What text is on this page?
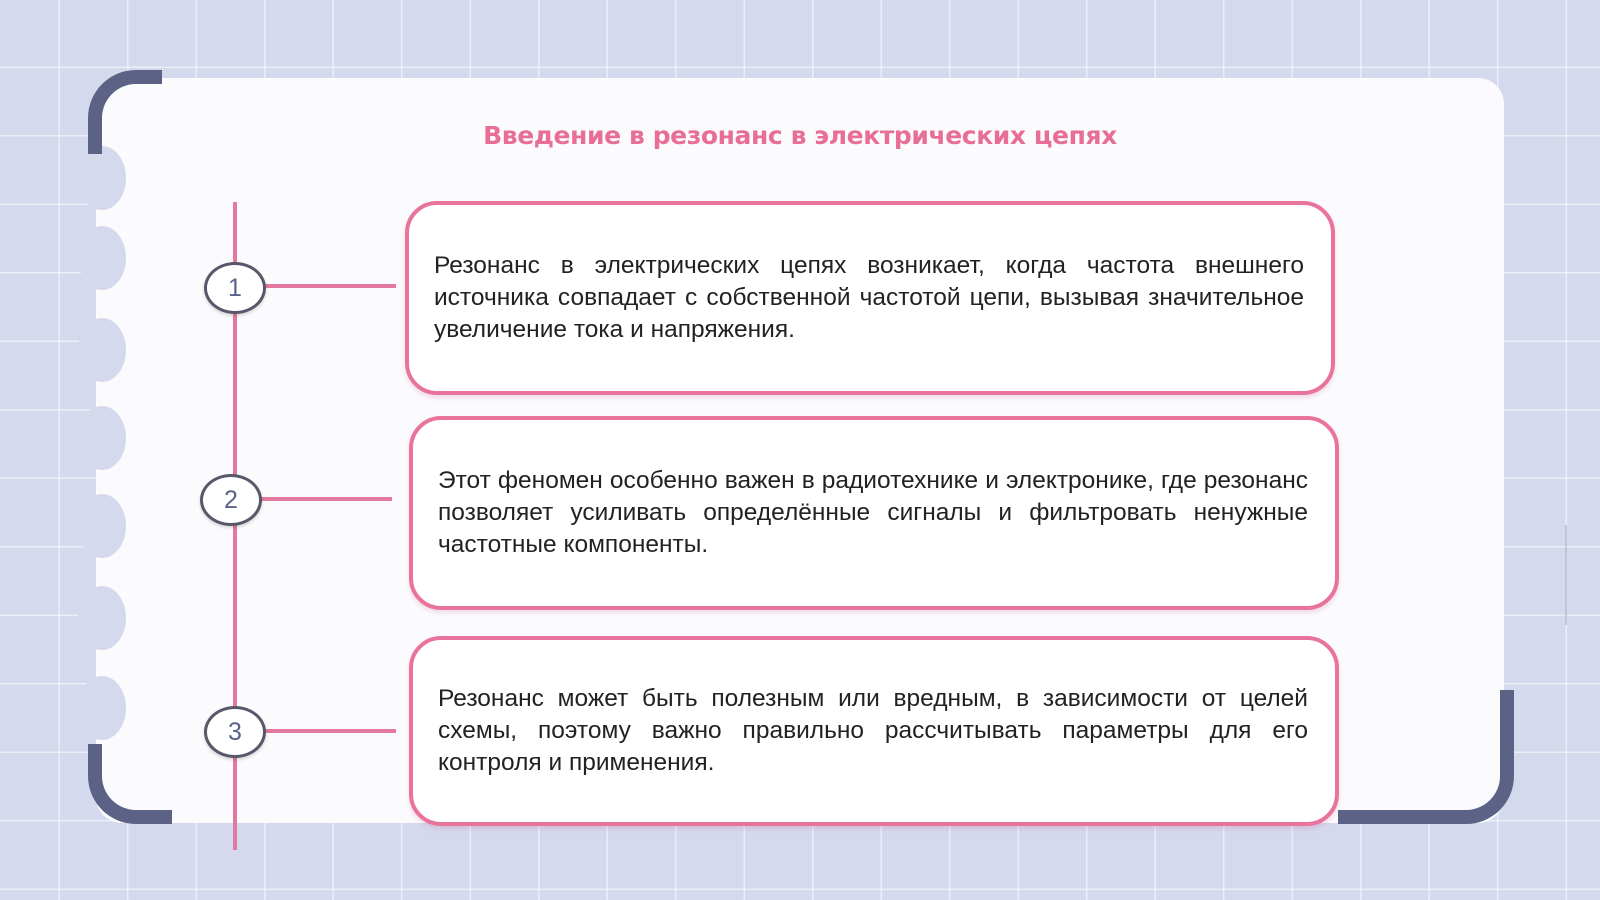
Введение в резонанс в электрических цепях
1
2
3

Резонанс в электрических цепях возникает, когда частота внешнего источника совпадает с собственной частотой цепи, вызывая значительное увеличение тока и напряжения.

Этот феномен особенно важен в радиотехнике и электронике, где резонанс позволяет усиливать определённые сигналы и фильтровать ненужные частотные компоненты.

Резонанс может быть полезным или вредным, в зависимости от целей схемы, поэтому важно правильно рассчитывать параметры для его контроля и применения.
